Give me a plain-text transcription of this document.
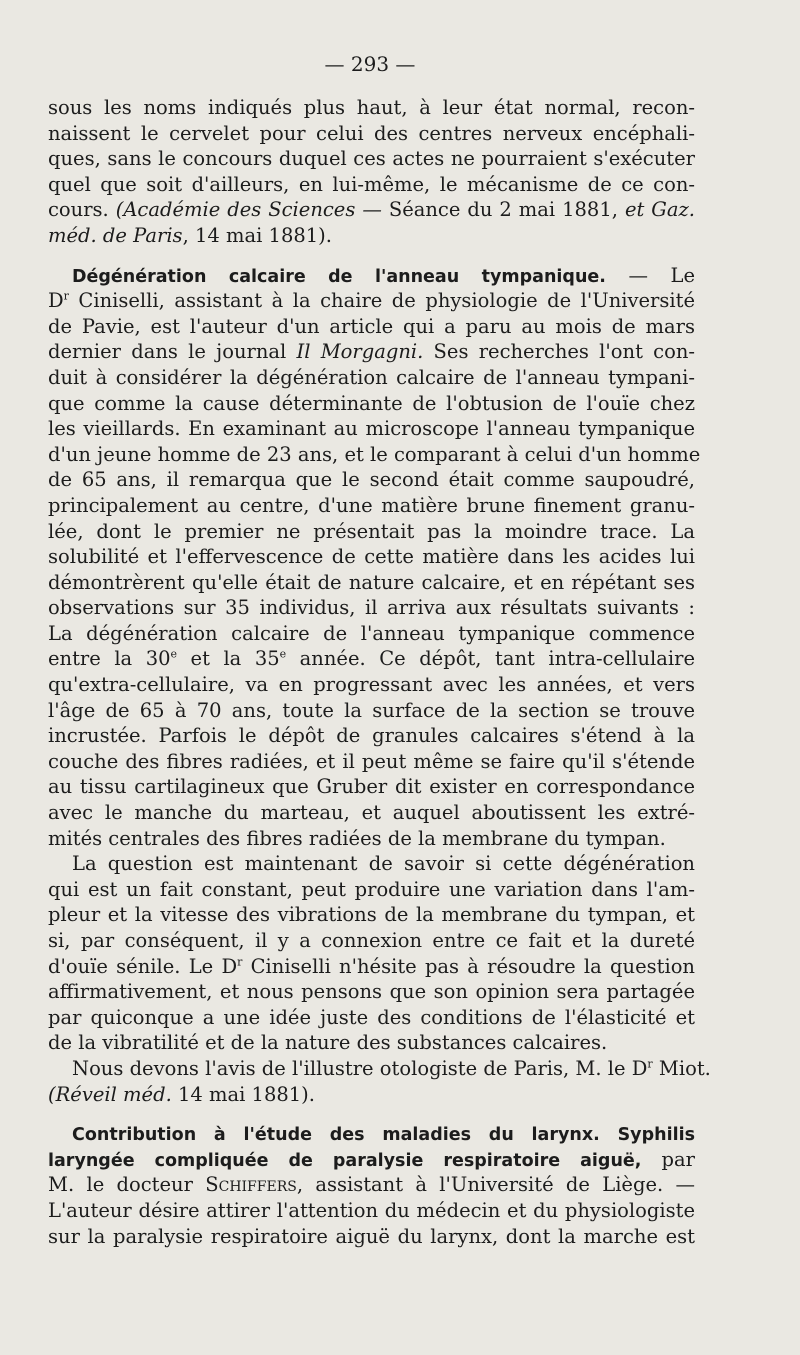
— 293 —
sous les noms indiqués plus haut, à leur état normal, recon-
naissent le cervelet pour celui des centres nerveux encéphali-
ques, sans le concours duquel ces actes ne pourraient s'exécuter
quel que soit d'ailleurs, en lui-même, le mécanisme de ce con-
cours. (Académie des Sciences — Séance du 2 mai 1881, et Gaz.
méd. de Paris, 14 mai 1881).
Dégénération calcaire de l'anneau tympanique. — Le
$D^r$ Ciniselli, assistant à la chaire de physiologie de l'Université
de Pavie, est l'auteur d'un article qui a paru au mois de mars
dernier dans le journal Il Morgagni. Ses recherches l'ont con-
duit à considérer la dégénération calcaire de l'anneau tympani-
que comme la cause déterminante de l'obtusion de l'ouïe chez
les vieillards. En examinant au microscope l'anneau tympanique
d'un jeune homme de 23 ans, et le comparant à celui d'un homme
de 65 ans, il remarqua que le second était comme saupoudré,
principalement au centre, d'une matière brune finement granu-
lée, dont le premier ne présentait pas la moindre trace. La
solubilité et l'effervescence de cette matière dans les acides lui
démontrèrent qu'elle était de nature calcaire, et en répétant ses
observations sur 35 individus, il arriva aux résultats suivants :
La dégénération calcaire de l'anneau tympanique commence
entre la 30e et la 35e année. Ce dépôt, tant intra-cellulaire
qu'extra-cellulaire, va en progressant avec les années, et vers
l'âge de 65 à 70 ans, toute la surface de la section se trouve
incrustée. Parfois le dépôt de granules calcaires s'étend à la
couche des fibres radiées, et il peut même se faire qu'il s'étende
au tissu cartilagineux que Gruber dit exister en correspondance
avec le manche du marteau, et auquel aboutissent les extré-
mités centrales des fibres radiées de la membrane du tympan.
La question est maintenant de savoir si cette dégénération
qui est un fait constant, peut produire une variation dans l'am-
pleur et la vitesse des vibrations de la membrane du tympan, et
si, par conséquent, il y a connexion entre ce fait et la dureté
d'ouïe sénile. Le $D^r$ Ciniselli n'hésite pas à résoudre la question
affirmativement, et nous pensons que son opinion sera partagée
par quiconque a une idée juste des conditions de l'élasticité et
de la vibratilité et de la nature des substances calcaires.
Nous devons l'avis de l'illustre otologiste de Paris, M. le $D^r$ Miot.
(Réveil méd. 14 mai 1881).
Contribution à l'étude des maladies du larynx. Syphilis
laryngée compliquée de paralysie respiratoire aiguë, par
M. le docteur Schiffers, assistant à l'Université de Liège. —
L'auteur désire attirer l'attention du médecin et du physiologiste
sur la paralysie respiratoire aiguë du larynx, dont la marche est
